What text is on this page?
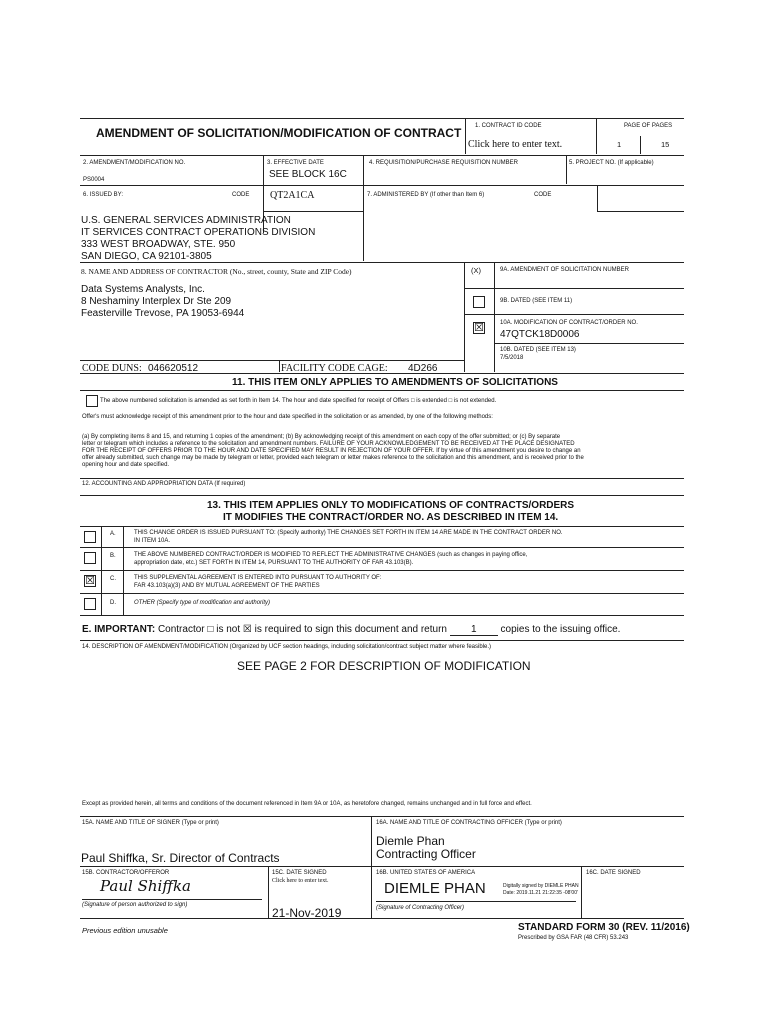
AMENDMENT OF SOLICITATION/MODIFICATION OF CONTRACT 1. CONTRACT ID CODE
Click here to enter text.
PAGE OF PAGES
1	15
2. AMENDMENT/MODIFICATION NO.
PS0004
3. EFFECTIVE DATE
SEE BLOCK 16C
4. REQUISITION/PURCHASE REQUISITION NUMBER	5. PROJECT NO. (If applicable)
6. ISSUED BY:	CODE QT2A1CA	7. ADMINISTERED BY (If other than Item 6)	CODE
U.S. GENERAL SERVICES ADMINISTRATION
IT SERVICES CONTRACT OPERATIONS DIVISION
333 WEST BROADWAY, STE. 950
SAN DIEGO, CA 92101-3805
8. NAME AND ADDRESS OF CONTRACTOR (No., street, county, State and ZIP Code)	(X)	9A. AMENDMENT OF SOLICITATION NUMBER
Data Systems Analysts, Inc.
8 Neshaminy Interplex Dr Ste 209
Feasterville Trevose, PA 19053-6944
9B. DATED (SEE ITEM 11)
☒	10A. MODIFICATION OF CONTRACT/ORDER NO.
47QTCK18D0006
10B. DATED (SEE ITEM 13)
7/5/2018
CODE DUNS: 046620512	FACILITY CODE CAGE: 4D266
11. THIS ITEM ONLY APPLIES TO AMENDMENTS OF SOLICITATIONS
The above numbered solicitation is amended as set forth in Item 14. The hour and date specified for receipt of Offers □ is extended □ is not extended.
Offer's must acknowledge receipt of this amendment prior to the hour and date specified in the solicitation or as amended, by one of the following methods:
(a) By completing items 8 and 15, and returning 1 copies of the amendment; (b) By acknowledging receipt of this amendment on each copy of the offer submitted; or (c) By separate
letter or telegram which includes a reference to the solicitation and amendment numbers. FAILURE OF YOUR ACKNOWLEDGEMENT TO BE RECEIVED AT THE PLACE DESIGNATED
FOR THE RECEIPT OF OFFERS PRIOR TO THE HOUR AND DATE SPECIFIED MAY RESULT IN REJECTION OF YOUR OFFER. If by virtue of this amendment you desire to change an
offer already submitted, such change may be made by telegram or letter, provided each telegram or letter makes reference to the solicitation and this amendment, and is received prior to the
opening hour and date specified.
12. ACCOUNTING AND APPROPRIATION DATA (If required)
13. THIS ITEM APPLIES ONLY TO MODIFICATIONS OF CONTRACTS/ORDERS
IT MODIFIES THE CONTRACT/ORDER NO. AS DESCRIBED IN ITEM 14.
A.	THIS CHANGE ORDER IS ISSUED PURSUANT TO: (Specify authority) THE CHANGES SET FORTH IN ITEM 14 ARE MADE IN THE CONTRACT ORDER NO.
IN ITEM 10A.
B.	THE ABOVE NUMBERED CONTRACT/ORDER IS MODIFIED TO REFLECT THE ADMINISTRATIVE CHANGES (such as changes in paying office,
appropriation date, etc.) SET FORTH IN ITEM 14, PURSUANT TO THE AUTHORITY OF FAR 43.103(B).
☒	C.	THIS SUPPLEMENTAL AGREEMENT IS ENTERED INTO PURSUANT TO AUTHORITY OF:
FAR 43.103(a)(3) AND BY MUTUAL AGREEMENT OF THE PARTIES
D.	OTHER (Specify type of modification and authority)
E. IMPORTANT: Contractor □ is not ☒ is required to sign this document and return 1 copies to the issuing office.
14. DESCRIPTION OF AMENDMENT/MODIFICATION (Organized by UCF section headings, including solicitation/contract subject matter where feasible.)
SEE PAGE 2 FOR DESCRIPTION OF MODIFICATION
Except as provided herein, all terms and conditions of the document referenced in Item 9A or 10A, as heretofore changed, remains unchanged and in full force and effect.
15A. NAME AND TITLE OF SIGNER (Type or print)
Paul Shiffka, Sr. Director of Contracts
16A. NAME AND TITLE OF CONTRACTING OFFICER (Type or print)
Diemle Phan
Contracting Officer
15B. CONTRACTOR/OFFEROR
Paul Shiffka
(Signature of person authorized to sign)
15C. DATE SIGNED
Click here to enter text.
21-Nov-2019
16B. UNITED STATES OF AMERICA
DIEMLE PHAN	Digitally signed by DIEMLE PHAN
Date: 2019.11.21 21:22:35 -08'00'
(Signature of Contracting Officer)
16C. DATE SIGNED
Previous edition unusable	STANDARD FORM 30 (REV. 11/2016)
Prescribed by GSA FAR (48 CFR) 53.243
